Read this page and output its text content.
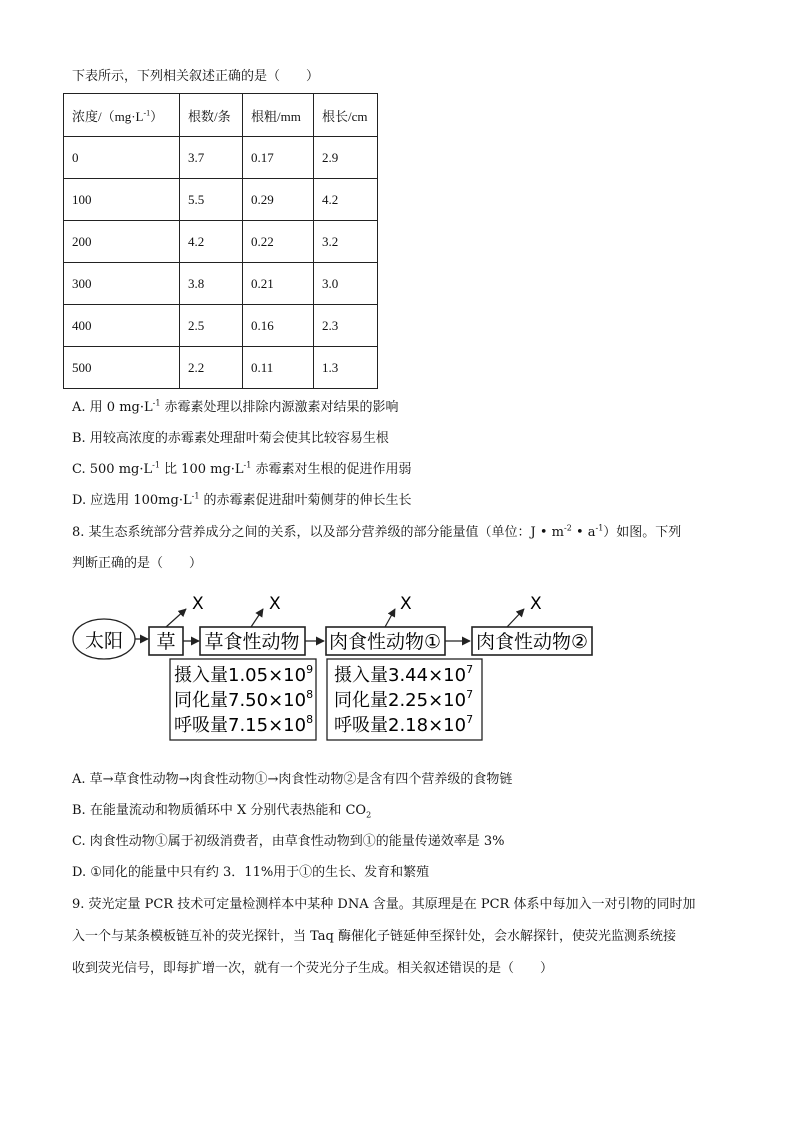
下表所示，下列相关叙述正确的是（　　）
浓度$/(mg\cdot L^{-1})$	根数/条	根粗/mm	根长/cm
0	3.7	0.17	2.9
100	5.5	0.29	4.2
200	4.2	0.22	3.2
300	3.8	0.21	3.0
400	2.5	0.16	2.3
500	2.2	0.11	1.3
A. 用 0 $mg\cdot L^{-1}$ 赤霉素处理以排除内源激素对结果的影响
B. 用较高浓度的赤霉素处理甜叶菊会使其比较容易生根
C. 500 $mg\cdot L^{-1}$ 比 100 $mg\cdot L^{-1}$ 赤霉素对生根的促进作用弱
D. 应选用 $100mg\cdot L^{-1}$ 的赤霉素促进甜叶菊侧芽的伸长生长
8. 某生态系统部分营养成分之间的关系，以及部分营养级的部分能量值（单位：J • $m^{-2}$ • $a^{-1}$）如图。下列
判断正确的是（　　）
太阳 草 草食性动物 肉食性动物① 肉食性动物②
X	X	X	X
摄入量$1.05\times 10^9$
同化量$7.50\times 10^8$
呼吸量$7.15\times 10^8$
摄入量$3.44\times 10^7$
同化量$2.25\times 10^7$
呼吸量$2.18\times 10^7$
A. 草→草食性动物→肉食性动物①→肉食性动物②是含有四个营养级的食物链
B. 在能量流动和物质循环中 X 分别代表热能和 $CO_2$
C. 肉食性动物①属于初级消费者，由草食性动物到①的能量传递效率是 3%
D. ①同化的能量中只有约 3．11%用于①的生长、发育和繁殖
9. 荧光定量 PCR 技术可定量检测样本中某种 DNA 含量。其原理是在 PCR 体系中每加入一对引物的同时加
入一个与某条模板链互补的荧光探针，当 Taq 酶催化子链延伸至探针处，会水解探针，使荧光监测系统接
收到荧光信号，即每扩增一次，就有一个荧光分子生成。相关叙述错误的是（　　）
